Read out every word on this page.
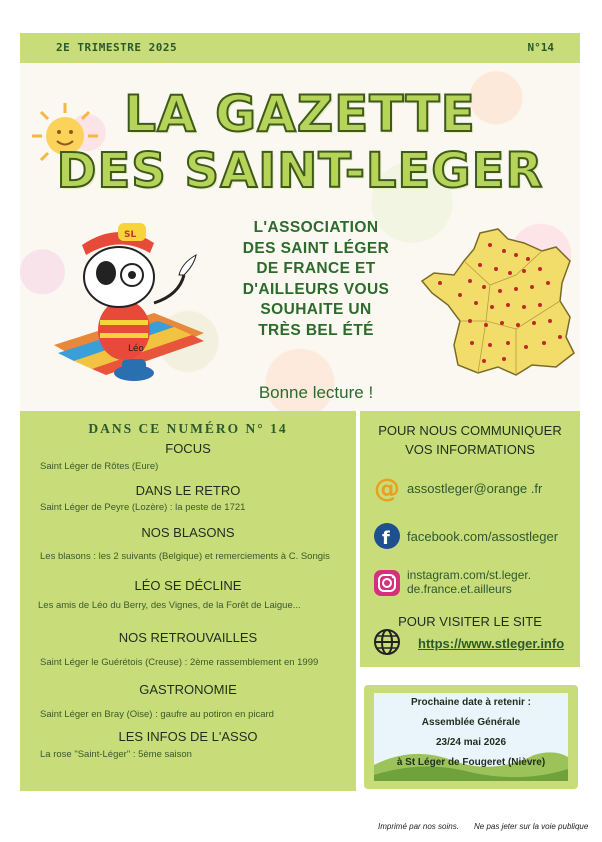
2E TRIMESTRE 2025	N°14
LA GAZETTE
DES SAINT-LEGER
Léo
SL	L'ASSOCIATION
DES SAINT LÉGER
DE FRANCE ET
D'AILLEURS VOUS
SOUHAITE UN
TRÈS BEL ÉTÉ
Bonne lecture !
DANS CE NUMÉRO N° 14
FOCUS
Saint Léger de Rôtes (Eure)
DANS LE RETRO
Saint Léger de Peyre (Lozère) : la peste de 1721
NOS BLASONS
Les blasons : les 2 suivants (Belgique) et remerciements à C. Songis
LÉO SE DÉCLINE
Les amis de Léo du Berry, des Vignes, de la Forêt de Laigue...
NOS RETROUVAILLES
Saint Léger le Guérétois (Creuse) : 2ème rassemblement en 1999
GASTRONOMIE
Saint Léger en Bray (Oise) : gaufre au potiron en picard
LES INFOS DE L'ASSO
La rose "Saint-Léger" : 5ème saison
POUR NOUS COMMUNIQUER
VOS INFORMATIONS
@ assostleger@orange .fr
f facebook.com/assostleger
instagram.com/st.leger.
de.france.et.ailleurs
POUR VISITER LE SITE
https://www.stleger.info
Prochaine date à retenir :
Assemblée Générale
23/24 mai 2026
à St Léger de Fougeret (Nièvre)
Imprimé par nos soins. Ne pas jeter sur la voie publique
